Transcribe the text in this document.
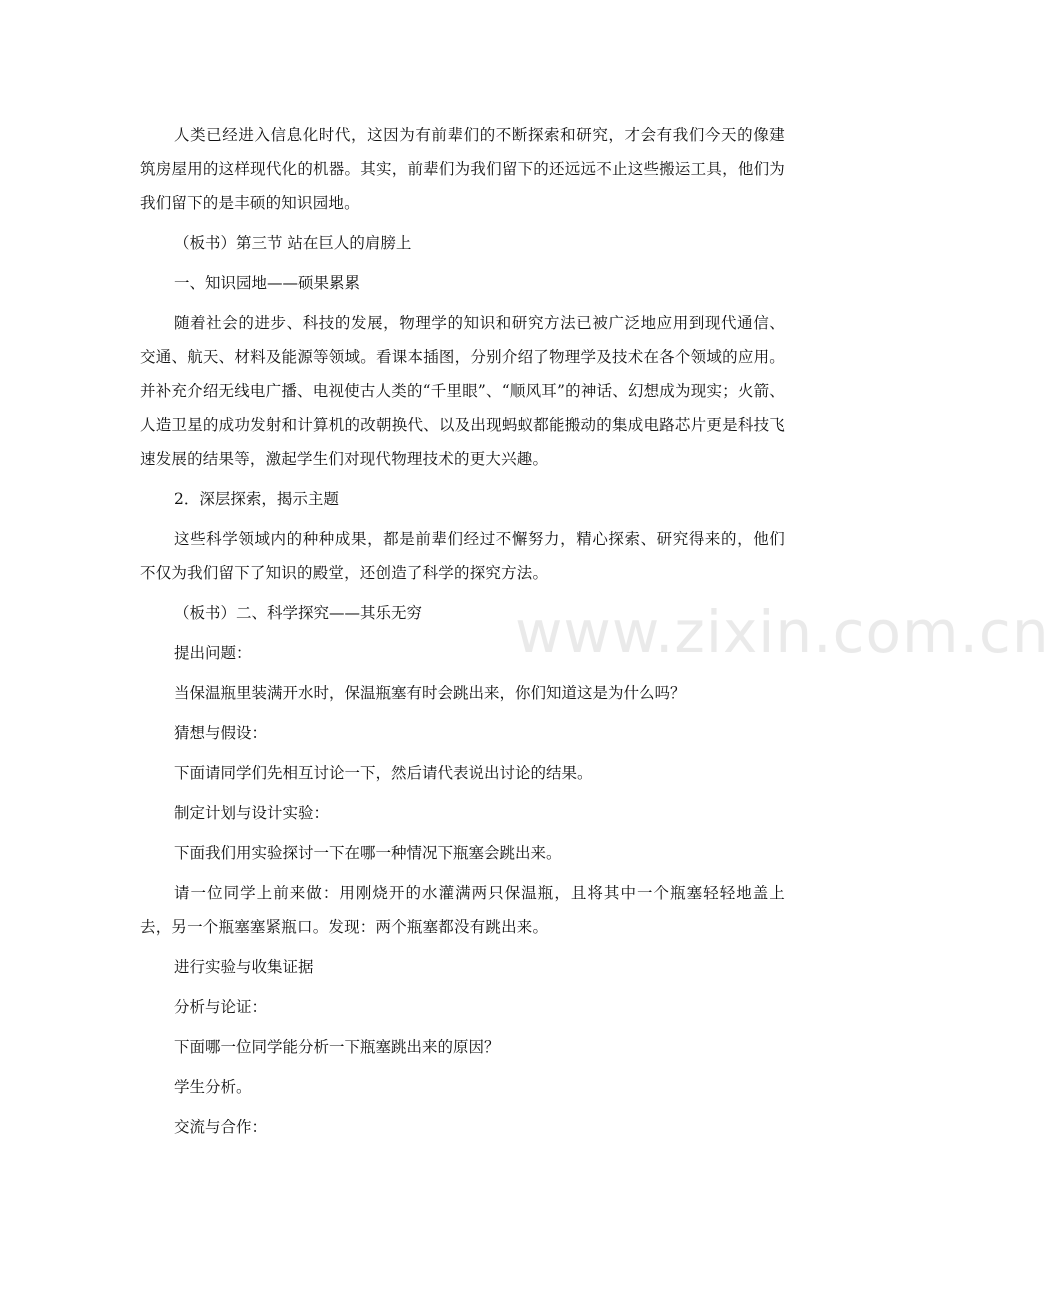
人类已经进入信息化时代，这因为有前辈们的不断探索和研究，才会有我们今天的像建筑房屋用的这样现代化的机器。其实，前辈们为我们留下的还远远不止这些搬运工具，他们为我们留下的是丰硕的知识园地。

（板书）第三节 站在巨人的肩膀上

一、知识园地——硕果累累

随着社会的进步、科技的发展，物理学的知识和研究方法已被广泛地应用到现代通信、交通、航天、材料及能源等领域。看课本插图，分别介绍了物理学及技术在各个领域的应用。并补充介绍无线电广播、电视使古人类的“千里眼”、“顺风耳”的神话、幻想成为现实；火箭、人造卫星的成功发射和计算机的改朝换代、以及出现蚂蚁都能搬动的集成电路芯片更是科技飞速发展的结果等，激起学生们对现代物理技术的更大兴趣。

2．深层探索，揭示主题

这些科学领域内的种种成果，都是前辈们经过不懈努力，精心探索、研究得来的，他们不仅为我们留下了知识的殿堂，还创造了科学的探究方法。

（板书）二、科学探究——其乐无穷

提出问题：

当保温瓶里装满开水时，保温瓶塞有时会跳出来，你们知道这是为什么吗？

猜想与假设：

下面请同学们先相互讨论一下，然后请代表说出讨论的结果。

制定计划与设计实验：

下面我们用实验探讨一下在哪一种情况下瓶塞会跳出来。

请一位同学上前来做：用刚烧开的水灌满两只保温瓶，且将其中一个瓶塞轻轻地盖上去，另一个瓶塞塞紧瓶口。发现：两个瓶塞都没有跳出来。

进行实验与收集证据

分析与论证：

下面哪一位同学能分析一下瓶塞跳出来的原因？

学生分析。

交流与合作：

www.zixin.com.cn
